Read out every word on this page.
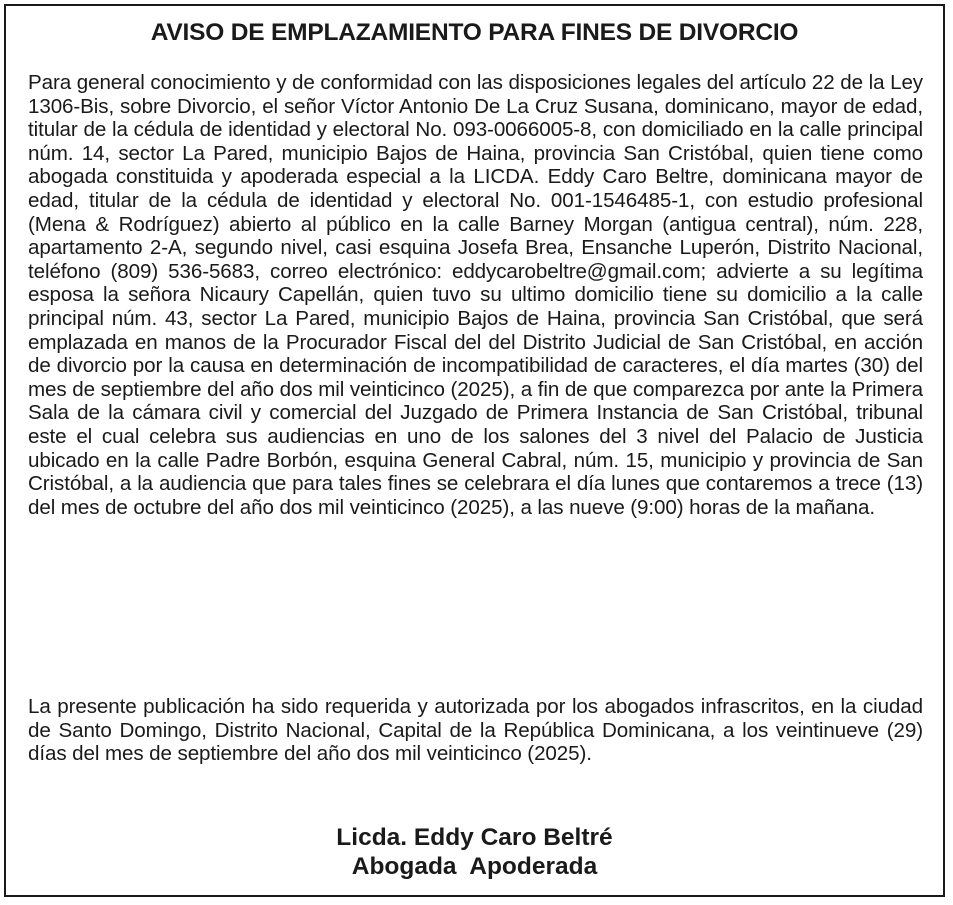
AVISO DE EMPLAZAMIENTO PARA FINES DE DIVORCIO

Para general conocimiento y de conformidad con las disposiciones legales del artículo 22 de la Ley 1306-Bis, sobre Divorcio, el señor Víctor Antonio De La Cruz Susana, dominicano, mayor de edad, titular de la cédula de identidad y electoral No. 093-0066005-8, con domiciliado en la calle principal núm. 14, sector La Pared, municipio Bajos de Haina, provincia San Cristóbal, quien tiene como abogada constituida y apoderada especial a la LICDA. Eddy Caro Beltre, dominicana mayor de edad, titular de la cédula de identidad y electoral No. 001-1546485-1, con estudio profesional (Mena & Rodríguez) abierto al público en la calle Barney Morgan (antigua central), núm. 228, apartamento 2-A, segundo nivel, casi esquina Josefa Brea, Ensanche Luperón, Distrito Nacional, teléfono (809) 536-5683, correo electrónico: eddycarobeltre@gmail.com; advierte a su legítima esposa la señora Nicaury Capellán, quien tuvo su ultimo domicilio tiene su domicilio a la calle principal núm. 43, sector La Pared, municipio Bajos de Haina, provincia San Cristóbal, que será emplazada en manos de la Procurador Fiscal del del Distrito Judicial de San Cristóbal, en acción de divorcio por la causa en determinación de incompatibilidad de caracteres, el día martes (30) del mes de septiembre del año dos mil veinticinco (2025), a fin de que comparezca por ante la Primera Sala de la cámara civil y comercial del Juzgado de Primera Instancia de San Cristóbal, tribunal este el cual celebra sus audiencias en uno de los salones del 3 nivel del Palacio de Justicia ubicado en la calle Padre Borbón, esquina General Cabral, núm. 15, municipio y provincia de San Cristóbal, a la audiencia que para tales fines se celebrara el día lunes que contaremos a trece (13) del mes de octubre del año dos mil veinticinco (2025), a las nueve (9:00) horas de la mañana.

La presente publicación ha sido requerida y autorizada por los abogados infrascritos, en la ciudad de Santo Domingo, Distrito Nacional, Capital de la República Dominicana, a los veintinueve (29) días del mes de septiembre del año dos mil veinticinco (2025).

Licda. Eddy Caro Beltré
Abogada  Apoderada
